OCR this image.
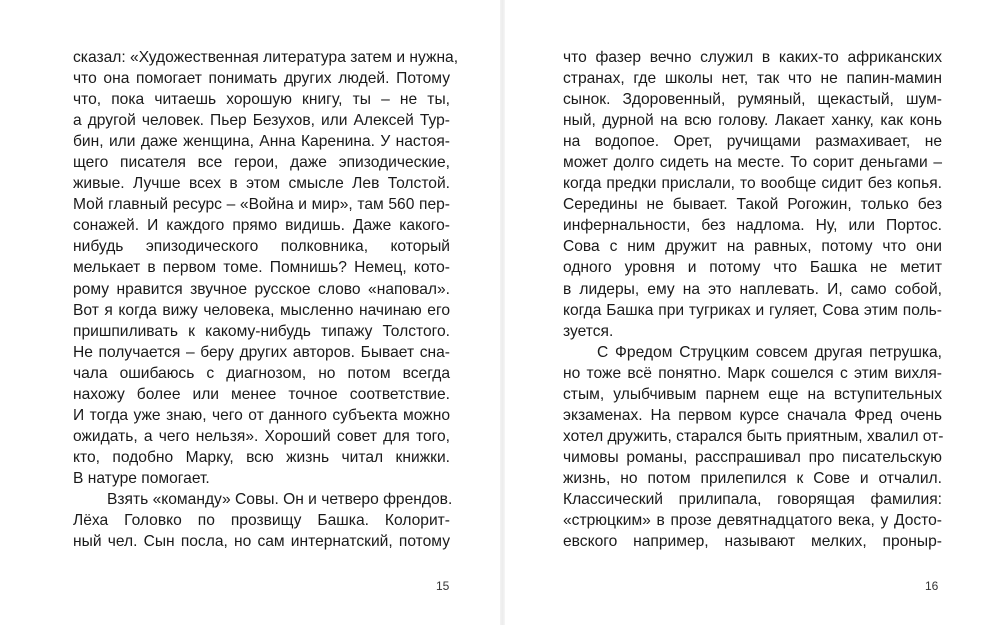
сказал: «Художественная литература затем и нужна,
что она помогает понимать других людей. Потому
что, пока читаешь хорошую книгу, ты – не ты,
а другой человек. Пьер Безухов, или Алексей Тур-
бин, или даже женщина, Анна Каренина. У настоя-
щего писателя все герои, даже эпизодические,
живые. Лучше всех в этом смысле Лев Толстой.
Мой главный ресурс – «Война и мир», там 560 пер-
сонажей. И каждого прямо видишь. Даже какого-
нибудь эпизодического полковника, который
мелькает в первом томе. Помнишь? Немец, кото-
рому нравится звучное русское слово «наповал».
Вот я когда вижу человека, мысленно начинаю его
пришпиливать к какому-нибудь типажу Толстого.
Не получается – беру других авторов. Бывает сна-
чала ошибаюсь с диагнозом, но потом всегда
нахожу более или менее точное соответствие.
И тогда уже знаю, чего от данного субъекта можно
ожидать, а чего нельзя». Хороший совет для того,
кто, подобно Марку, всю жизнь читал книжки.
В натуре помогает.
Взять «команду» Совы. Он и четверо френдов.
Лёха Головко по прозвищу Башка. Колорит-
ный чел. Сын посла, но сам интернатский, потому
15
что фазер вечно служил в каких-то африканских
странах, где школы нет, так что не папин-мамин
сынок. Здоровенный, румяный, щекастый, шум-
ный, дурной на всю голову. Лакает ханку, как конь
на водопое. Орет, ручищами размахивает, не
может долго сидеть на месте. То сорит деньгами –
когда предки прислали, то вообще сидит без копья.
Середины не бывает. Такой Рогожин, только без
инфернальности, без надлома. Ну, или Портос.
Сова с ним дружит на равных, потому что они
одного уровня и потому что Башка не метит
в лидеры, ему на это наплевать. И, само собой,
когда Башка при тугриках и гуляет, Сова этим поль-
зуется.
С Фредом Струцким совсем другая петрушка,
но тоже всё понятно. Марк сошелся с этим вихля-
стым, улыбчивым парнем еще на вступительных
экзаменах. На первом курсе сначала Фред очень
хотел дружить, старался быть приятным, хвалил от-
чимовы романы, расспрашивал про писательскую
жизнь, но потом прилепился к Сове и отчалил.
Классический прилипала, говорящая фамилия:
«стрюцким» в прозе девятнадцатого века, у Досто-
евского например, называют мелких, проныр-
16
